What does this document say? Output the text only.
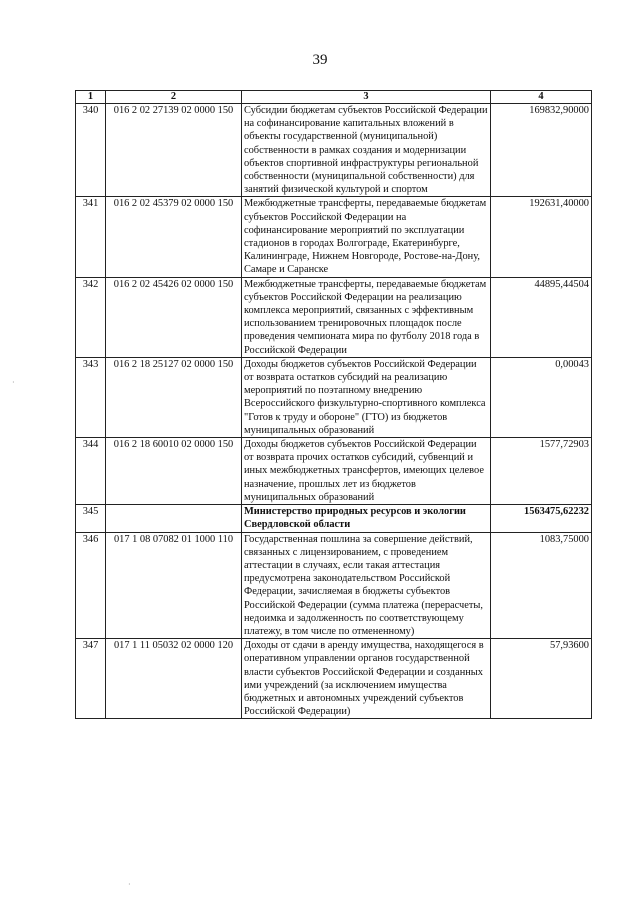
39
1	2	3	4
340	016 2 02 27139 02 0000 150	Субсидии бюджетам субъектов Российской Федерации на софинансирование капитальных вложений в объекты государственной (муниципальной) собственности в рамках создания и модернизации объектов спортивной инфраструктуры региональной собственности (муниципальной собственности) для занятий физической культурой и спортом	169832,90000
341	016 2 02 45379 02 0000 150	Межбюджетные трансферты, передаваемые бюджетам субъектов Российской Федерации на софинансирование мероприятий по эксплуатации стадионов в городах Волгограде, Екатеринбурге, Калининграде, Нижнем Новгороде, Ростове-на-Дону, Самаре и Саранске	192631,40000
342	016 2 02 45426 02 0000 150	Межбюджетные трансферты, передаваемые бюджетам субъектов Российской Федерации на реализацию комплекса мероприятий, связанных с эффективным использованием тренировочных площадок после проведения чемпионата мира по футболу 2018 года в Российской Федерации	44895,44504
343	016 2 18 25127 02 0000 150	Доходы бюджетов субъектов Российской Федерации от возврата остатков субсидий на реализацию мероприятий по поэтапному внедрению Всероссийского физкультурно-спортивного комплекса "Готов к труду и обороне" (ГТО) из бюджетов муниципальных образований	0,00043
344	016 2 18 60010 02 0000 150	Доходы бюджетов субъектов Российской Федерации от возврата прочих остатков субсидий, субвенций и иных межбюджетных трансфертов, имеющих целевое назначение, прошлых лет из бюджетов муниципальных образований	1577,72903
345		Министерство природных ресурсов и экологии Свердловской области	1563475,62232
346	017 1 08 07082 01 1000 110	Государственная пошлина за совершение действий, связанных с лицензированием, с проведением аттестации в случаях, если такая аттестация предусмотрена законодательством Российской Федерации, зачисляемая в бюджеты субъектов Российской Федерации (сумма платежа (перерасчеты, недоимка и задолженность по соответствующему платежу, в том числе по отмененному)	1083,75000
347	017 1 11 05032 02 0000 120	Доходы от сдачи в аренду имущества, находящегося в оперативном управлении органов государственной власти субъектов Российской Федерации и созданных ими учреждений (за исключением имущества бюджетных и автономных учреждений субъектов Российской Федерации)	57,93600
·
·
